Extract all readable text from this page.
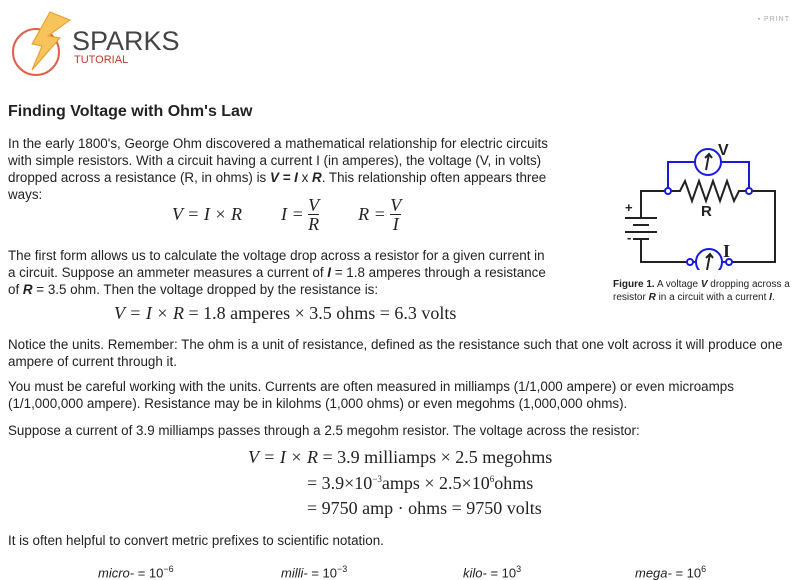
SPARKS
TUTORIAL
▪ PRINT
Finding Voltage with Ohm's Law

In the early 1800's, George Ohm discovered a mathematical relationship for electric circuits with simple resistors. With a circuit having a current I (in amperes), the voltage (V, in volts) dropped across a resistance (R, in ohms) is V = I x R. This relationship often appears three ways:

V = I × R $I = \frac{V}{R}$ $R = \frac{V}{I}$

The first form allows us to calculate the voltage drop across a resistor for a given current in a circuit. Suppose an ammeter measures a current of I = 1.8 amperes through a resistance of R = 3.5 ohm. Then the voltage dropped by the resistance is:

V = I × R = 1.8 amperes × 3.5 ohms = 6.3 volts

Notice the units. Remember: The ohm is a unit of resistance, defined as the resistance such that one volt across it will produce one ampere of current through it.

You must be careful working with the units. Currents are often measured in milliamps (1/1,000 ampere) or even microamps (1/1,000,000 ampere). Resistance may be in kilohms (1,000 ohms) or even megohms (1,000,000 ohms).

Suppose a current of 3.9 milliamps passes through a 2.5 megohm resistor. The voltage across the resistor:

V = I × R = 3.9 milliamps × 2.5 megohms
= $3.9\times 10^{-3}amps$ × $2.5\times 10^6ohms$
= 9750 amp · ohms = 9750 volts

It is often helpful to convert metric prefixes to scientific notation.

micro- = $10^{-6}$	milli- = $10^{-3}$	kilo- = $10^3$	mega- = $10^6$
V
R
I
+
-
Figure 1. A voltage V dropping across a resistor R in a circuit with a current I.
